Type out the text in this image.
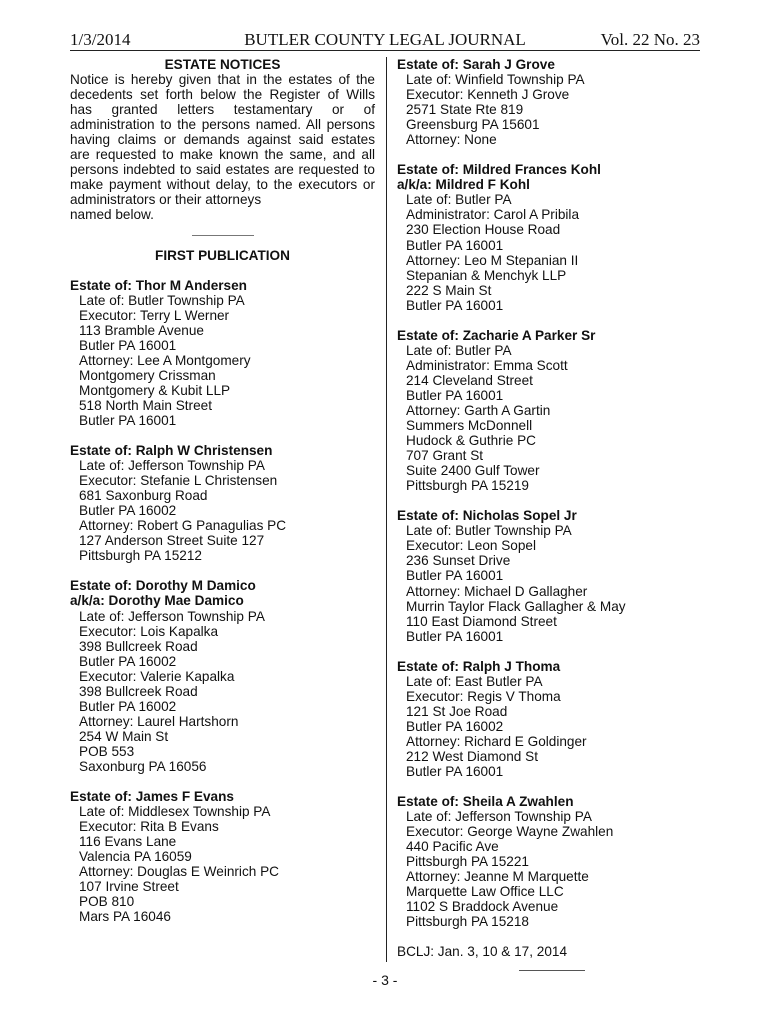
1/3/2014	BUTLER COUNTY LEGAL JOURNAL	Vol. 22 No. 23
ESTATE NOTICES
Notice is hereby given that in the estates of the decedents set forth below the Register of Wills has granted letters testamentary or of administration to the persons named. All persons having claims or demands against said estates are requested to make known the same, and all persons indebted to said estates are requested to make payment without delay, to the executors or administrators or their attorneys
named below.
FIRST PUBLICATION
Estate of: Thor M Andersen
Late of: Butler Township PA
Executor: Terry L Werner
113 Bramble Avenue
Butler PA 16001
Attorney: Lee A Montgomery
Montgomery Crissman
Montgomery & Kubit LLP
518 North Main Street
Butler PA 16001
Estate of: Ralph W Christensen
Late of: Jefferson Township PA
Executor: Stefanie L Christensen
681 Saxonburg Road
Butler PA 16002
Attorney: Robert G Panagulias PC
127 Anderson Street Suite 127
Pittsburgh PA 15212
Estate of: Dorothy M Damico
a/k/a: Dorothy Mae Damico
Late of: Jefferson Township PA
Executor: Lois Kapalka
398 Bullcreek Road
Butler PA 16002
Executor: Valerie Kapalka
398 Bullcreek Road
Butler PA 16002
Attorney: Laurel Hartshorn
254 W Main St
POB 553
Saxonburg PA 16056
Estate of: James F Evans
Late of: Middlesex Township PA
Executor: Rita B Evans
116 Evans Lane
Valencia PA 16059
Attorney: Douglas E Weinrich PC
107 Irvine Street
POB 810
Mars PA 16046
Estate of: Sarah J Grove
Late of: Winfield Township PA
Executor: Kenneth J Grove
2571 State Rte 819
Greensburg PA 15601
Attorney: None
Estate of: Mildred Frances Kohl
a/k/a: Mildred F Kohl
Late of: Butler PA
Administrator: Carol A Pribila
230 Election House Road
Butler PA 16001
Attorney: Leo M Stepanian II
Stepanian & Menchyk LLP
222 S Main St
Butler PA 16001
Estate of: Zacharie A Parker Sr
Late of: Butler PA
Administrator: Emma Scott
214 Cleveland Street
Butler PA 16001
Attorney: Garth A Gartin
Summers McDonnell
Hudock & Guthrie PC
707 Grant St
Suite 2400 Gulf Tower
Pittsburgh PA 15219
Estate of: Nicholas Sopel Jr
Late of: Butler Township PA
Executor: Leon Sopel
236 Sunset Drive
Butler PA 16001
Attorney: Michael D Gallagher
Murrin Taylor Flack Gallagher & May
110 East Diamond Street
Butler PA 16001
Estate of: Ralph J Thoma
Late of: East Butler PA
Executor: Regis V Thoma
121 St Joe Road
Butler PA 16002
Attorney: Richard E Goldinger
212 West Diamond St
Butler PA 16001
Estate of: Sheila A Zwahlen
Late of: Jefferson Township PA
Executor: George Wayne Zwahlen
440 Pacific Ave
Pittsburgh PA 15221
Attorney: Jeanne M Marquette
Marquette Law Office LLC
1102 S Braddock Avenue
Pittsburgh PA 15218
BCLJ: Jan. 3, 10 & 17, 2014
- 3 -
